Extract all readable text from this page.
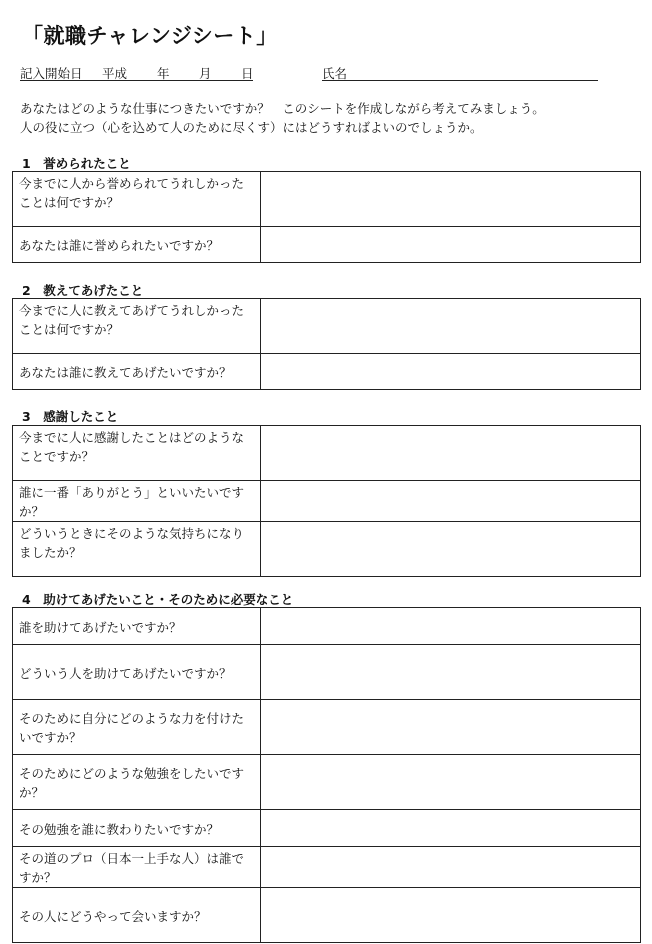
「就職チャレンジシート」
記入開始日 平成 年 月 日	氏名
あなたはどのような仕事につきたいですか？　このシートを作成しながら考えてみましょう。
人の役に立つ（心を込めて人のために尽くす）にはどうすればよいのでしょうか。
1　誉められたこと
今までに人から誉められてうれしかったことは何ですか？	
あなたは誰に誉められたいですか？	
2　教えてあげたこと
今までに人に教えてあげてうれしかったことは何ですか？	
あなたは誰に教えてあげたいですか？	
3　感謝したこと
今までに人に感謝したことはどのようなことですか？	
誰に一番「ありがとう」といいたいですか？	
どういうときにそのような気持ちになりましたか？	
4　助けてあげたいこと・そのために必要なこと
誰を助けてあげたいですか？	
どういう人を助けてあげたいですか？	
そのために自分にどのような力を付けたいですか？	
そのためにどのような勉強をしたいですか？	
その勉強を誰に教わりたいですか？	
その道のプロ（日本一上手な人）は誰ですか？	
その人にどうやって会いますか？	
